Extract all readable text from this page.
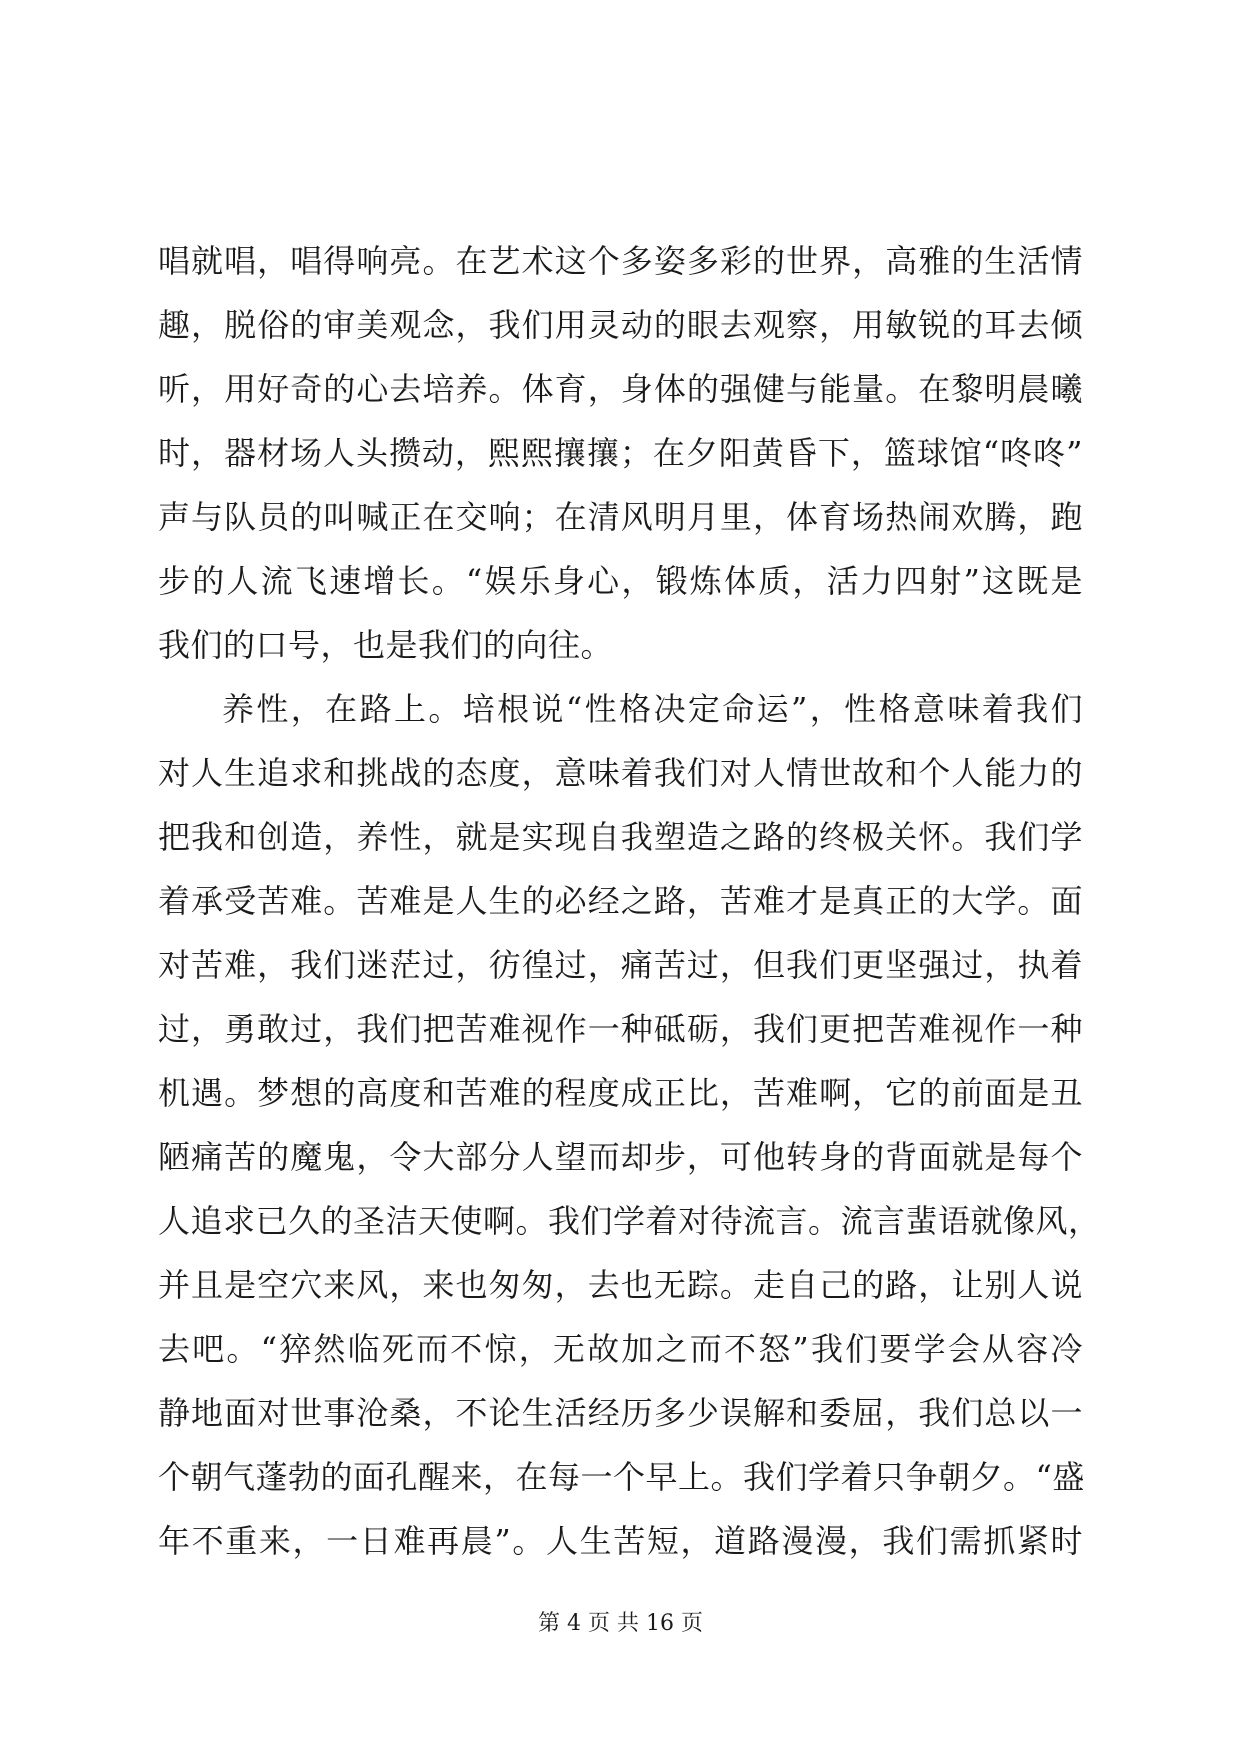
唱就唱，唱得响亮。在艺术这个多姿多彩的世界，高雅的生活情
趣，脱俗的审美观念，我们用灵动的眼去观察，用敏锐的耳去倾
听，用好奇的心去培养。体育，身体的强健与能量。在黎明晨曦
时，器材场人头攒动，熙熙攘攘；在夕阳黄昏下，篮球馆“咚咚”
声与队员的叫喊正在交响；在清风明月里，体育场热闹欢腾，跑
步的人流飞速增长。“娱乐身心，锻炼体质，活力四射”这既是
我们的口号，也是我们的向往。
养性，在路上。培根说“性格决定命运”，性格意味着我们
对人生追求和挑战的态度，意味着我们对人情世故和个人能力的
把我和创造，养性，就是实现自我塑造之路的终极关怀。我们学
着承受苦难。苦难是人生的必经之路，苦难才是真正的大学。面
对苦难，我们迷茫过，彷徨过，痛苦过，但我们更坚强过，执着
过，勇敢过，我们把苦难视作一种砥砺，我们更把苦难视作一种
机遇。梦想的高度和苦难的程度成正比，苦难啊，它的前面是丑
陋痛苦的魔鬼，令大部分人望而却步，可他转身的背面就是每个
人追求已久的圣洁天使啊。我们学着对待流言。流言蜚语就像风，
并且是空穴来风，来也匆匆，去也无踪。走自己的路，让别人说
去吧。“猝然临死而不惊，无故加之而不怒”我们要学会从容冷
静地面对世事沧桑，不论生活经历多少误解和委屈，我们总以一
个朝气蓬勃的面孔醒来，在每一个早上。我们学着只争朝夕。“盛
年不重来，一日难再晨”。人生苦短，道路漫漫，我们需抓紧时
第 4 页 共 16 页
